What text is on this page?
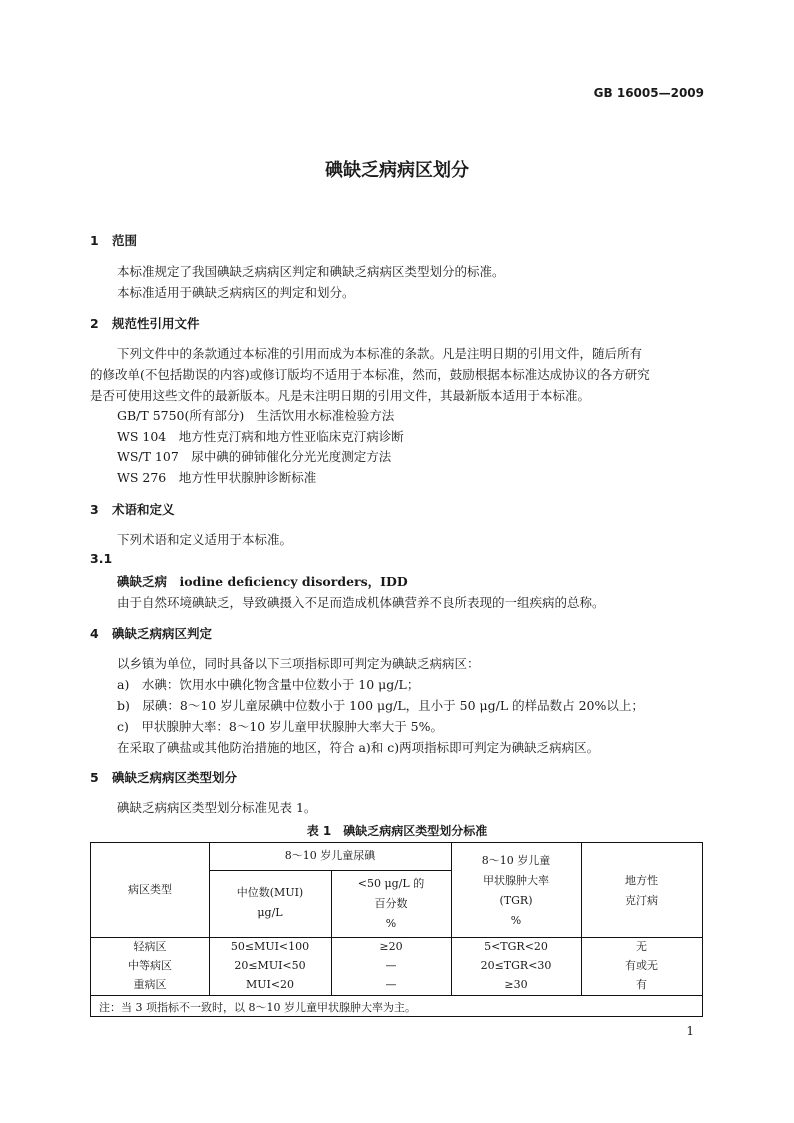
GB 16005—2009
碘缺乏病病区划分
1 范围
本标准规定了我国碘缺乏病病区判定和碘缺乏病病区类型划分的标准。
本标准适用于碘缺乏病病区的判定和划分。
2 规范性引用文件
下列文件中的条款通过本标准的引用而成为本标准的条款。凡是注明日期的引用文件，随后所有
的修改单(不包括勘误的内容)或修订版均不适用于本标准，然而，鼓励根据本标准达成协议的各方研究
是否可使用这些文件的最新版本。凡是未注明日期的引用文件，其最新版本适用于本标准。
GB/T 5750(所有部分)　生活饮用水标准检验方法
WS 104　地方性克汀病和地方性亚临床克汀病诊断
WS/T 107　尿中碘的砷铈催化分光光度测定方法
WS 276　地方性甲状腺肿诊断标准
3 术语和定义
下列术语和定义适用于本标准。
3.1
碘缺乏病　iodine deficiency disorders，IDD
由于自然环境碘缺乏，导致碘摄入不足而造成机体碘营养不良所表现的一组疾病的总称。
4 碘缺乏病病区判定
以乡镇为单位，同时具备以下三项指标即可判定为碘缺乏病病区：
a)　水碘：饮用水中碘化物含量中位数小于 10 μg/L；
b)　尿碘：8～10 岁儿童尿碘中位数小于 100 μg/L，且小于 50 μg/L 的样品数占 20%以上；
c)　甲状腺肿大率：8～10 岁儿童甲状腺肿大率大于 5%。
在采取了碘盐或其他防治措施的地区，符合 a)和 c)两项指标即可判定为碘缺乏病病区。
5 碘缺乏病病区类型划分
碘缺乏病病区类型划分标准见表 1。
表 1　碘缺乏病病区类型划分标准
病区类型
8～10 岁儿童尿碘
中位数(MUI)
μg/L
<50 μg/L 的
百分数
%
8～10 岁儿童
甲状腺肿大率
(TGR)
%
地方性
克汀病
轻病区
中等病区
重病区
50≤MUI<100
20≤MUI<50
MUI<20
≥20
—
—
5<TGR<20
20≤TGR<30
≥30
无
有或无
有
注：当 3 项指标不一致时，以 8～10 岁儿童甲状腺肿大率为主。
1
